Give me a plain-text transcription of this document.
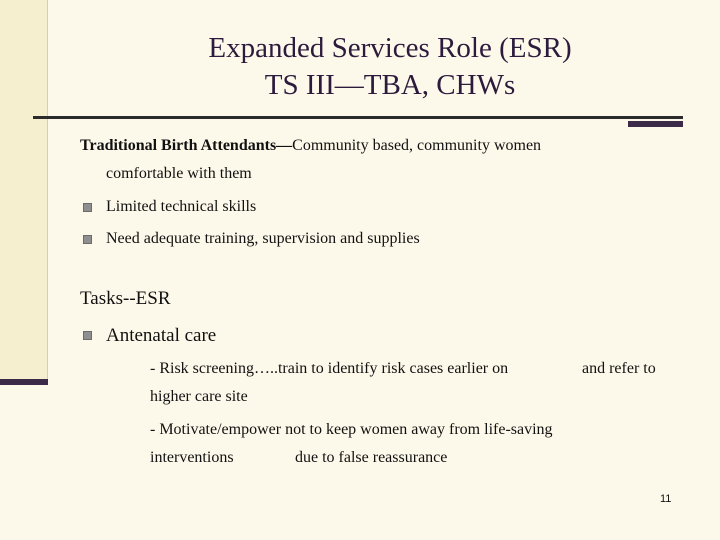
Expanded Services Role (ESR)
TS III—TBA, CHWs
Traditional Birth Attendants—Community based, community women
comfortable with them
Limited technical skills
Need adequate training, supervision and supplies
Tasks--ESR
Antenatal care
- Risk screening…..train to identify risk cases earlier on	and refer to
higher care site
- Motivate/empower not to keep women away from life-saving
interventions	due to false reassurance
11
